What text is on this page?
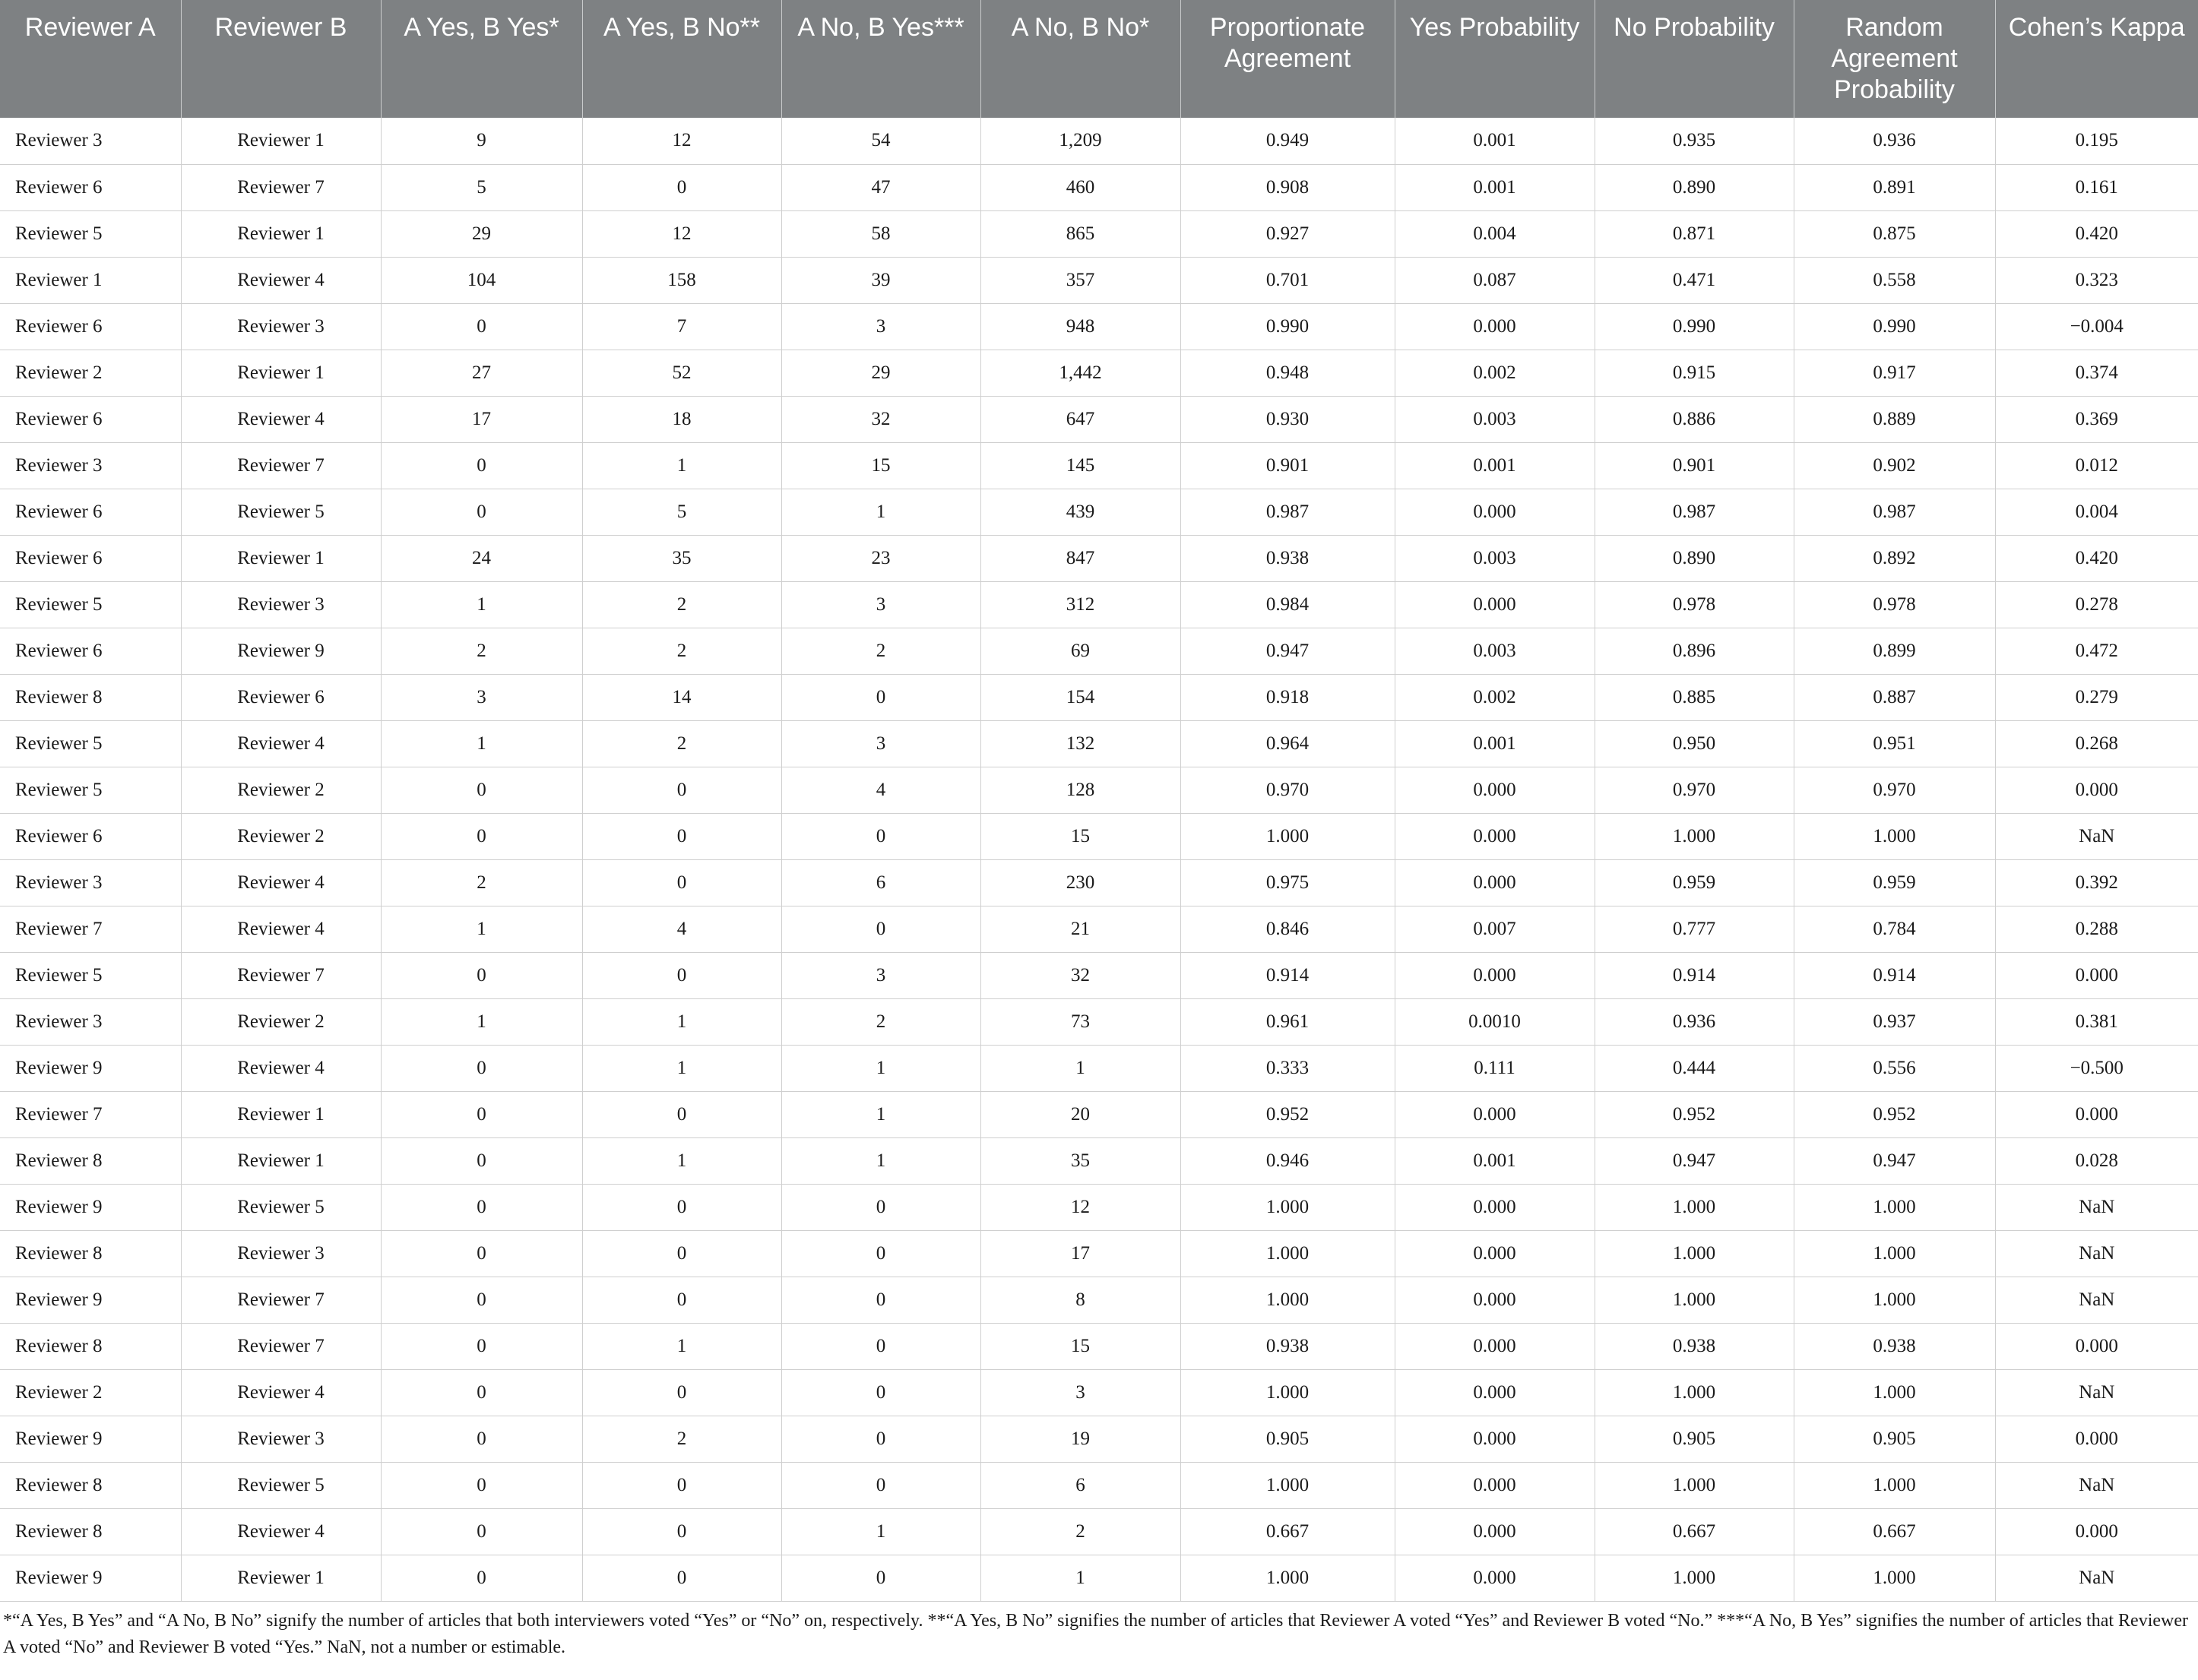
Reviewer A	Reviewer B	A Yes, B Yes*	A Yes, B No**	A No, B Yes***	A No, B No*	Proportionate Agreement	Yes Probability	No Probability	Random Agreement Probability	Cohen’s Kappa
Reviewer 3	Reviewer 1	9	12	54	1,209	0.949	0.001	0.935	0.936	0.195
Reviewer 6	Reviewer 7	5	0	47	460	0.908	0.001	0.890	0.891	0.161
Reviewer 5	Reviewer 1	29	12	58	865	0.927	0.004	0.871	0.875	0.420
Reviewer 1	Reviewer 4	104	158	39	357	0.701	0.087	0.471	0.558	0.323
Reviewer 6	Reviewer 3	0	7	3	948	0.990	0.000	0.990	0.990	−0.004
Reviewer 2	Reviewer 1	27	52	29	1,442	0.948	0.002	0.915	0.917	0.374
Reviewer 6	Reviewer 4	17	18	32	647	0.930	0.003	0.886	0.889	0.369
Reviewer 3	Reviewer 7	0	1	15	145	0.901	0.001	0.901	0.902	0.012
Reviewer 6	Reviewer 5	0	5	1	439	0.987	0.000	0.987	0.987	0.004
Reviewer 6	Reviewer 1	24	35	23	847	0.938	0.003	0.890	0.892	0.420
Reviewer 5	Reviewer 3	1	2	3	312	0.984	0.000	0.978	0.978	0.278
Reviewer 6	Reviewer 9	2	2	2	69	0.947	0.003	0.896	0.899	0.472
Reviewer 8	Reviewer 6	3	14	0	154	0.918	0.002	0.885	0.887	0.279
Reviewer 5	Reviewer 4	1	2	3	132	0.964	0.001	0.950	0.951	0.268
Reviewer 5	Reviewer 2	0	0	4	128	0.970	0.000	0.970	0.970	0.000
Reviewer 6	Reviewer 2	0	0	0	15	1.000	0.000	1.000	1.000	NaN
Reviewer 3	Reviewer 4	2	0	6	230	0.975	0.000	0.959	0.959	0.392
Reviewer 7	Reviewer 4	1	4	0	21	0.846	0.007	0.777	0.784	0.288
Reviewer 5	Reviewer 7	0	0	3	32	0.914	0.000	0.914	0.914	0.000
Reviewer 3	Reviewer 2	1	1	2	73	0.961	0.0010	0.936	0.937	0.381
Reviewer 9	Reviewer 4	0	1	1	1	0.333	0.111	0.444	0.556	−0.500
Reviewer 7	Reviewer 1	0	0	1	20	0.952	0.000	0.952	0.952	0.000
Reviewer 8	Reviewer 1	0	1	1	35	0.946	0.001	0.947	0.947	0.028
Reviewer 9	Reviewer 5	0	0	0	12	1.000	0.000	1.000	1.000	NaN
Reviewer 8	Reviewer 3	0	0	0	17	1.000	0.000	1.000	1.000	NaN
Reviewer 9	Reviewer 7	0	0	0	8	1.000	0.000	1.000	1.000	NaN
Reviewer 8	Reviewer 7	0	1	0	15	0.938	0.000	0.938	0.938	0.000
Reviewer 2	Reviewer 4	0	0	0	3	1.000	0.000	1.000	1.000	NaN
Reviewer 9	Reviewer 3	0	2	0	19	0.905	0.000	0.905	0.905	0.000
Reviewer 8	Reviewer 5	0	0	0	6	1.000	0.000	1.000	1.000	NaN
Reviewer 8	Reviewer 4	0	0	1	2	0.667	0.000	0.667	0.667	0.000
Reviewer 9	Reviewer 1	0	0	0	1	1.000	0.000	1.000	1.000	NaN
*“A Yes, B Yes” and “A No, B No” signify the number of articles that both interviewers voted “Yes” or “No” on, respectively. **“A Yes, B No” signifies the number of articles that Reviewer A voted “Yes” and Reviewer B voted “No.” ***“A No, B Yes” signifies the number of articles that Reviewer A voted “No” and Reviewer B voted “Yes.” NaN, not a number or estimable.
